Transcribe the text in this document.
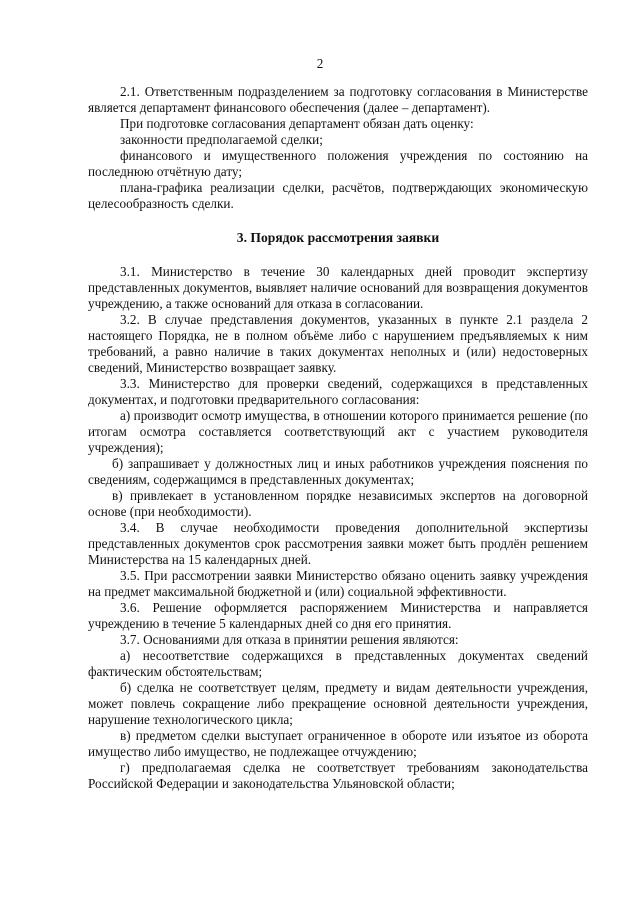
2

2.1. Ответственным подразделением за подготовку согласования в Министерстве является департамент финансового обеспечения (далее – департамент).

При подготовке согласования департамент обязан дать оценку:

законности предполагаемой сделки;

финансового и имущественного положения учреждения по состоянию на последнюю отчётную дату;

плана-графика реализации сделки, расчётов, подтверждающих экономическую целесообразность сделки.

3. Порядок рассмотрения заявки

3.1. Министерство в течение 30 календарных дней проводит экспертизу представленных документов, выявляет наличие оснований для возвращения документов учреждению, а также оснований для отказа в согласовании.

3.2. В случае представления документов, указанных в пункте 2.1 раздела 2 настоящего Порядка, не в полном объёме либо с нарушением предъявляемых к ним требований, а равно наличие в таких документах неполных и (или) недостоверных сведений, Министерство возвращает заявку.

3.3. Министерство для проверки сведений, содержащихся в представленных документах, и подготовки предварительного согласования:

а) производит осмотр имущества, в отношении которого принимается решение (по итогам осмотра составляется соответствующий акт с участием руководителя учреждения);

б) запрашивает у должностных лиц и иных работников учреждения пояснения по сведениям, содержащимся в представленных документах;

в) привлекает в установленном порядке независимых экспертов на договорной основе (при необходимости).

3.4. В случае необходимости проведения дополнительной экспертизы представленных документов срок рассмотрения заявки может быть продлён решением Министерства на 15 календарных дней.

3.5. При рассмотрении заявки Министерство обязано оценить заявку учреждения на предмет максимальной бюджетной и (или) социальной эффективности.

3.6. Решение оформляется распоряжением Министерства и направляется учреждению в течение 5 календарных дней со дня его принятия.

3.7. Основаниями для отказа в принятии решения являются:

а) несоответствие содержащихся в представленных документах сведений фактическим обстоятельствам;

б) сделка не соответствует целям, предмету и видам деятельности учреждения, может повлечь сокращение либо прекращение основной деятельности учреждения, нарушение технологического цикла;

в) предметом сделки выступает ограниченное в обороте или изъятое из оборота имущество либо имущество, не подлежащее отчуждению;

г) предполагаемая сделка не соответствует требованиям законодательства Российской Федерации и законодательства Ульяновской области;
